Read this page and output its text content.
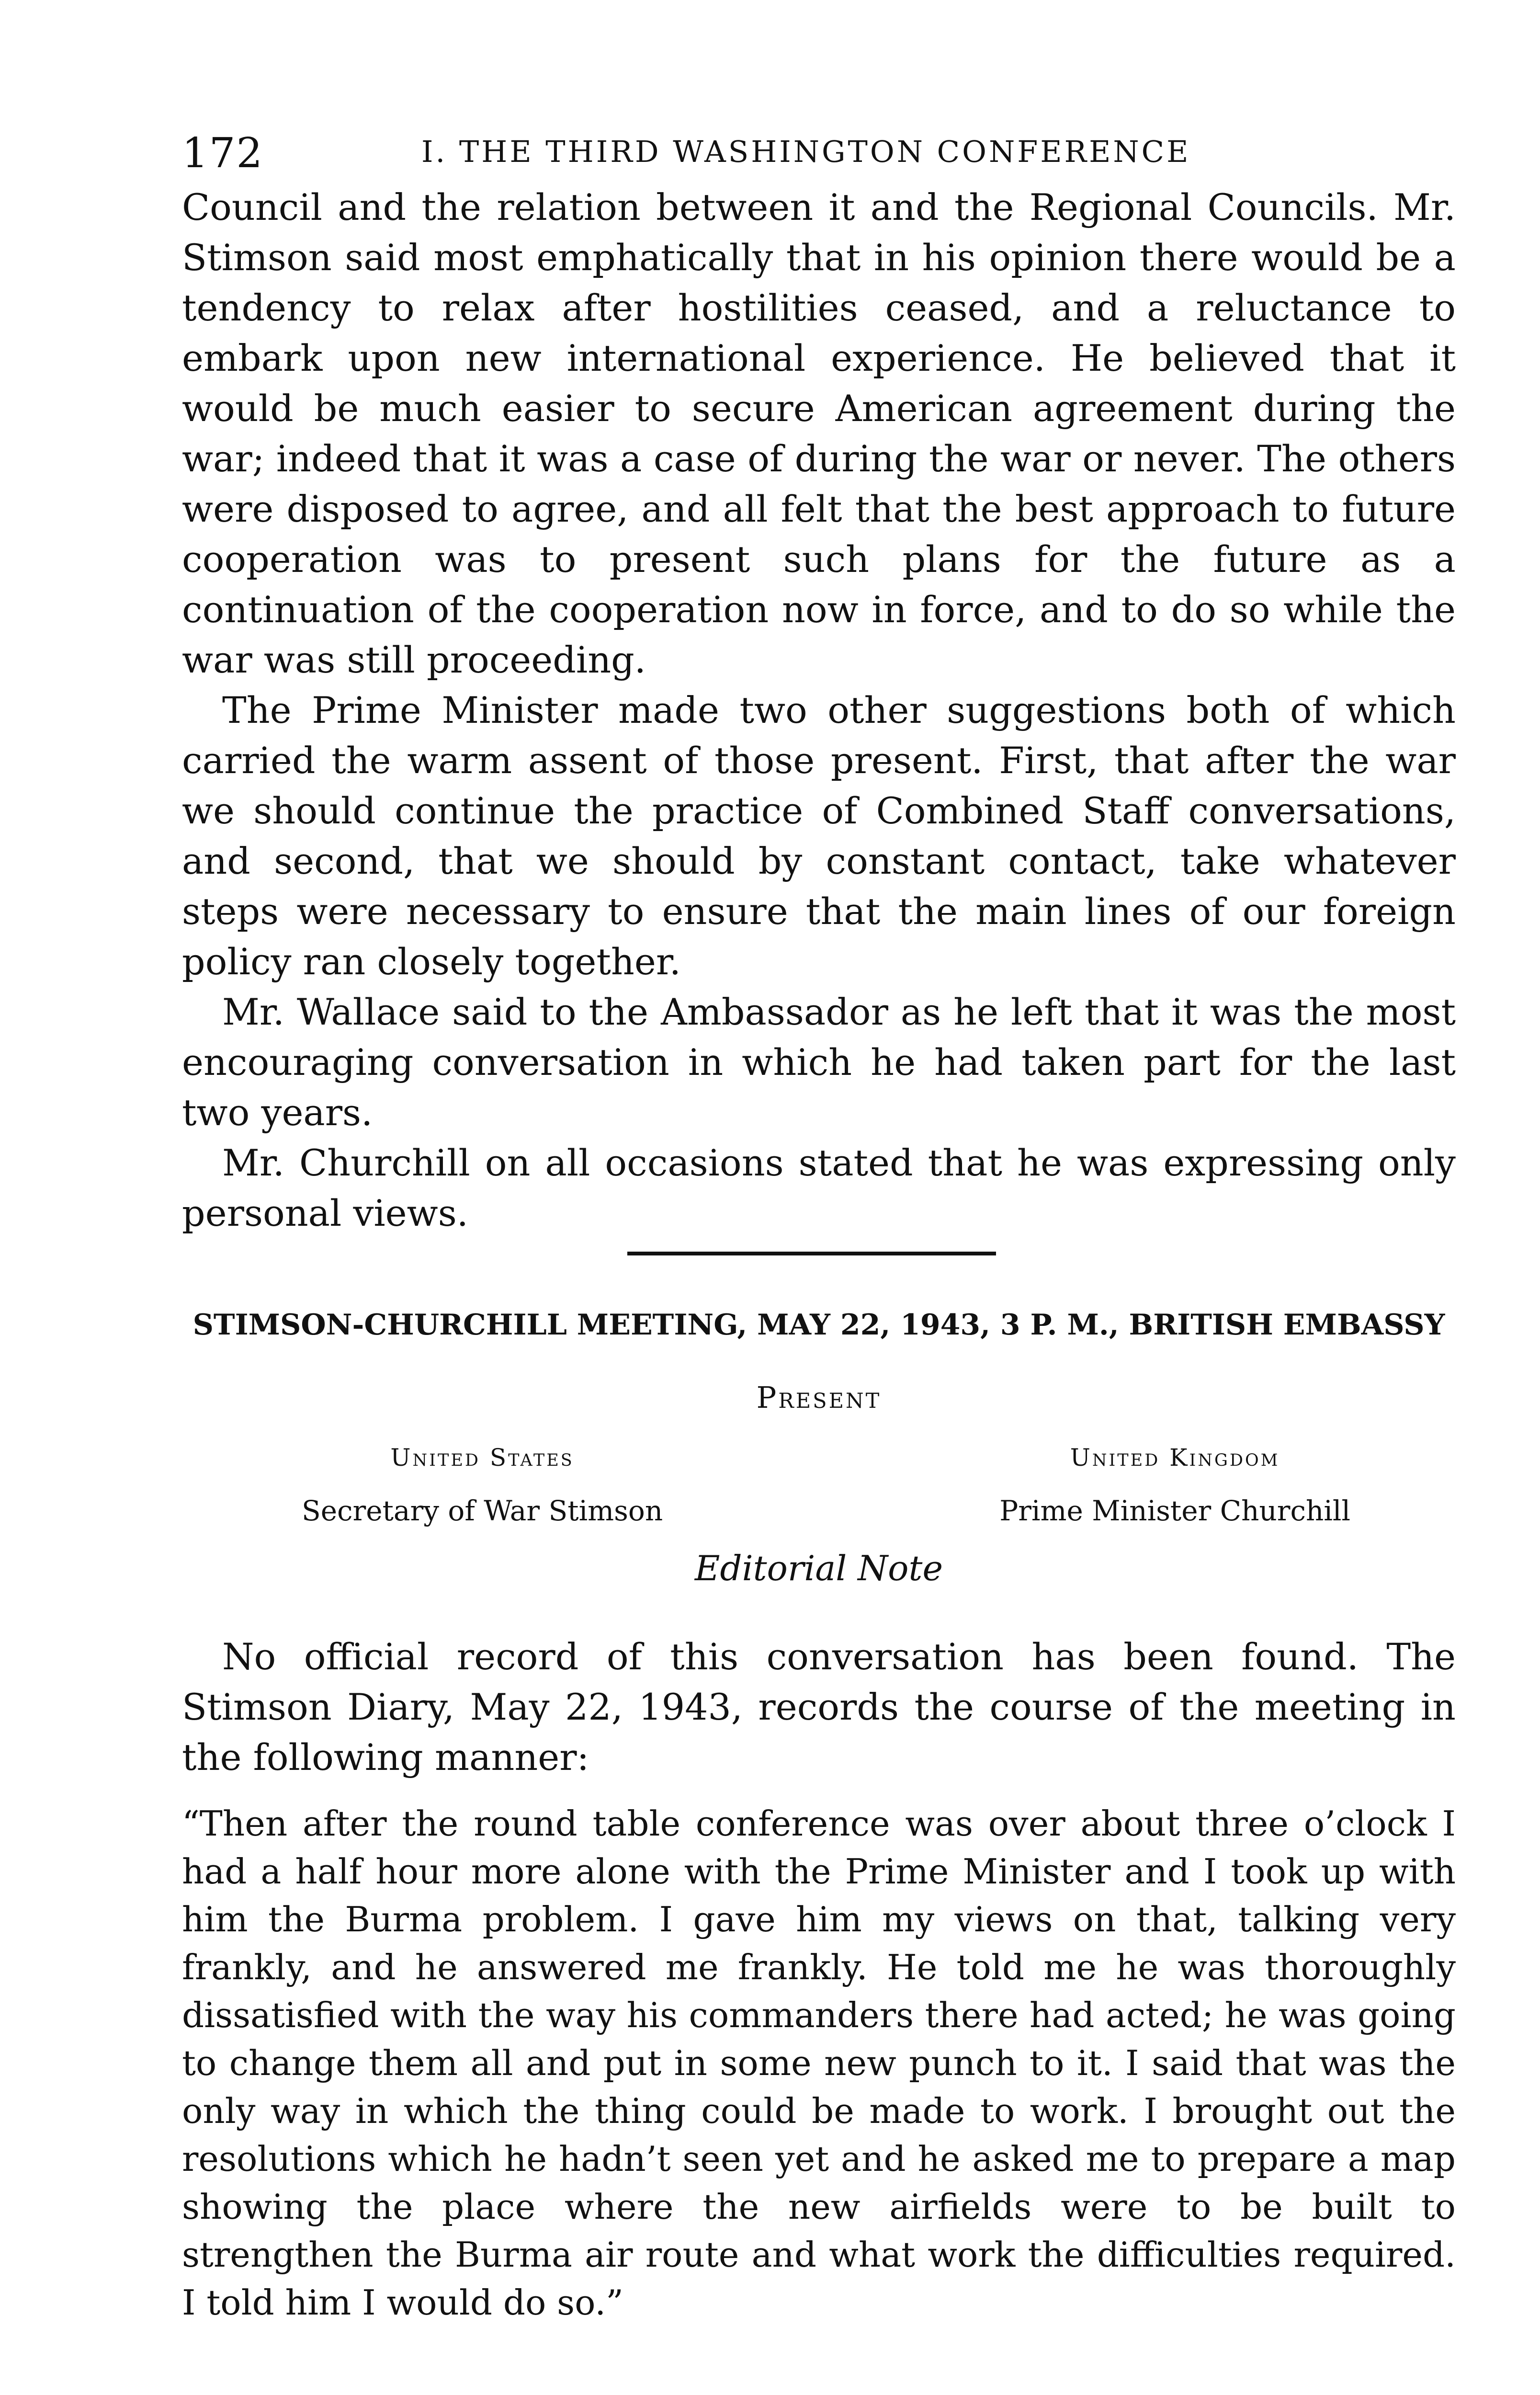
172	I. THE THIRD WASHINGTON CONFERENCE

Council and the relation between it and the Regional Councils. Mr. Stimson said most emphatically that in his opinion there would be a tendency to relax after hostilities ceased, and a reluctance to embark upon new international experience. He believed that it would be much easier to secure American agreement during the war; indeed that it was a case of during the war or never. The others were disposed to agree, and all felt that the best approach to future cooperation was to present such plans for the future as a continuation of the cooperation now in force, and to do so while the war was still proceeding.

The Prime Minister made two other suggestions both of which carried the warm assent of those present. First, that after the war we should continue the practice of Combined Staff conversations, and second, that we should by constant contact, take whatever steps were necessary to ensure that the main lines of our foreign policy ran closely together.

Mr. Wallace said to the Ambassador as he left that it was the most encouraging conversation in which he had taken part for the last two years.

Mr. Churchill on all occasions stated that he was expressing only personal views.

STIMSON-CHURCHILL MEETING, MAY 22, 1943, 3 P. M., BRITISH EMBASSY
Present
United States
Secretary of War Stimson
United Kingdom
Prime Minister Churchill
Editorial Note

No official record of this conversation has been found. The Stimson Diary, May 22, 1943, records the course of the meeting in the following manner:

“Then after the round table conference was over about three o’clock I had a half hour more alone with the Prime Minister and I took up with him the Burma problem. I gave him my views on that, talking very frankly, and he answered me frankly. He told me he was thoroughly dissatisfied with the way his commanders there had acted; he was going to change them all and put in some new punch to it. I said that was the only way in which the thing could be made to work. I brought out the resolutions which he hadn’t seen yet and he asked me to prepare a map showing the place where the new airfields were to be built to strengthen the Burma air route and what work the difficulties required. I told him I would do so.”
